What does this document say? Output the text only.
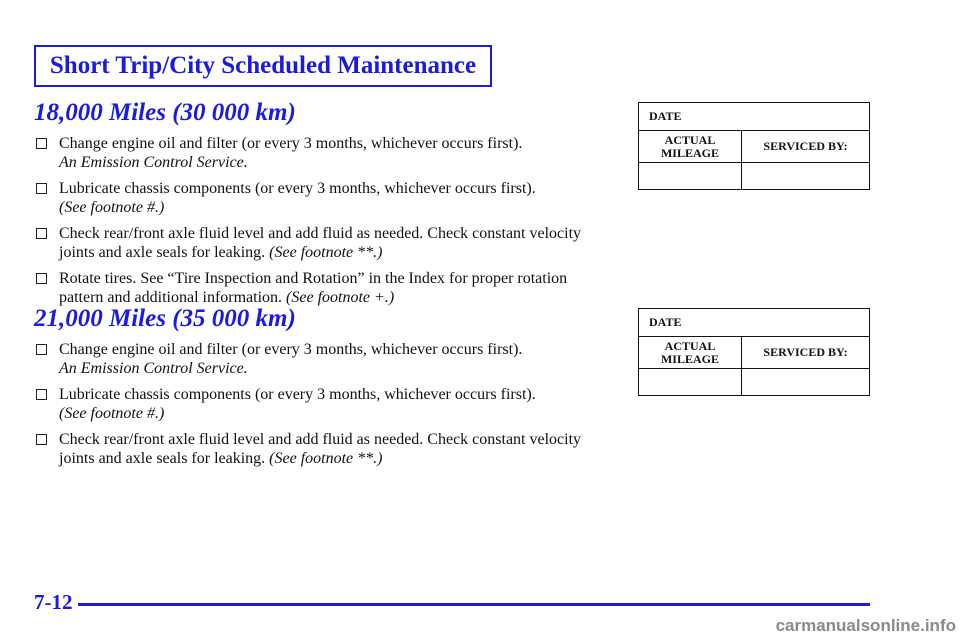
Short Trip/City Scheduled Maintenance
18,000 Miles (30 000 km)
Change engine oil and filter (or every 3 months, whichever occurs first).
An Emission Control Service.
Lubricate chassis components (or every 3 months, whichever occurs first).
(See footnote #.)
Check rear/front axle fluid level and add fluid as needed. Check constant velocity joints and axle seals for leaking. (See footnote **.)
Rotate tires. See “Tire Inspection and Rotation” in the Index for proper rotation pattern and additional information. (See footnote +.)
DATE	
ACTUAL
MILEAGE	SERVICED BY:

21,000 Miles (35 000 km)
Change engine oil and filter (or every 3 months, whichever occurs first).
An Emission Control Service.
Lubricate chassis components (or every 3 months, whichever occurs first).
(See footnote #.)
Check rear/front axle fluid level and add fluid as needed. Check constant velocity joints and axle seals for leaking. (See footnote **.)
DATE	
ACTUAL
MILEAGE	SERVICED BY:

7-12
carmanualsonline.info
